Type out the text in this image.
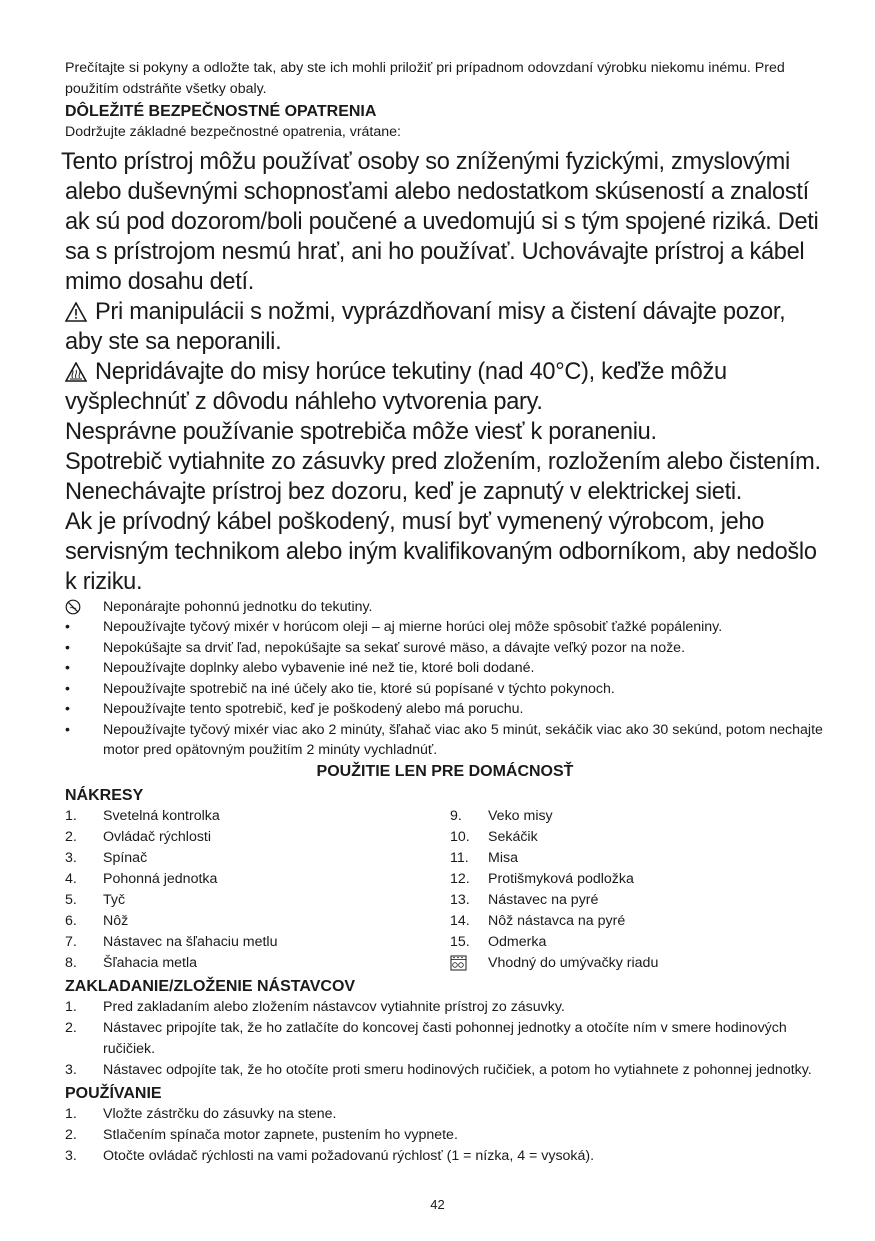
Prečítajte si pokyny a odložte tak, aby ste ich mohli priložiť pri prípadnom odovzdaní výrobku niekomu inému. Pred použitím odstráňte všetky obaly.
DÔLEŽITÉ BEZPEČNOSTNÉ OPATRENIA
Dodržujte základné bezpečnostné opatrenia, vrátane:

Tento prístroj môžu používať osoby so zníženými fyzickými, zmyslovými alebo duševnými schopnosťami alebo nedostatkom skúseností a znalostí ak sú pod dozorom/boli poučené a uvedomujú si s tým spojené riziká. Deti sa s prístrojom nesmú hrať, ani ho používať. Uchovávajte prístroj a kábel mimo dosahu detí.

Pri manipulácii s nožmi, vyprázdňovaní misy a čistení dávajte pozor, aby ste sa neporanili.

Nepridávajte do misy horúce tekutiny (nad 40°C), keďže môžu vyšplechnúť z dôvodu náhleho vytvorenia pary.

Nesprávne používanie spotrebiča môže viesť k poraneniu.

Spotrebič vytiahnite zo zásuvky pred zložením, rozložením alebo čistením.

Nenechávajte prístroj bez dozoru, keď je zapnutý v elektrickej sieti.

Ak je prívodný kábel poškodený, musí byť vymenený výrobcom, jeho servisným technikom alebo iným kvalifikovaným odborníkom, aby nedošlo k riziku.

Neponárajte pohonnú jednotku do tekutiny.
•	Nepoužívajte tyčový mixér v horúcom oleji – aj mierne horúci olej môže spôsobiť ťažké popáleniny.
•	Nepokúšajte sa drviť ľad, nepokúšajte sa sekať surové mäso, a dávajte veľký pozor na nože.
•	Nepoužívajte doplnky alebo vybavenie iné než tie, ktoré boli dodané.
•	Nepoužívajte spotrebič na iné účely ako tie, ktoré sú popísané v týchto pokynoch.
•	Nepoužívajte tento spotrebič, keď je poškodený alebo má poruchu.
•	Nepoužívajte tyčový mixér viac ako 2 minúty, šľahač viac ako 5 minút, sekáčik viac ako 30 sekúnd, potom nechajte motor pred opätovným použitím 2 minúty vychladnúť.
POUŽITIE LEN PRE DOMÁCNOSŤ
NÁKRESY
1.	Svetelná kontrolka
2.	Ovládač rýchlosti
3.	Spínač
4.	Pohonná jednotka
5.	Tyč
6.	Nôž
7.	Nástavec na šľahaciu metlu
8.	Šľahacia metla
9.	Veko misy
10.	Sekáčik
11.	Misa
12.	Protišmyková podložka
13.	Nástavec na pyré
14.	Nôž nástavca na pyré
15.	Odmerka
Vhodný do umývačky riadu
ZAKLADANIE/ZLOŽENIE NÁSTAVCOV
1.	Pred zakladaním alebo zložením nástavcov vytiahnite prístroj zo zásuvky.
2.	Nástavec pripojíte tak, že ho zatlačíte do koncovej časti pohonnej jednotky a otočíte ním v smere hodinových ručičiek.
3.	Nástavec odpojíte tak, že ho otočíte proti smeru hodinových ručičiek, a potom ho vytiahnete z pohonnej jednotky.
POUŽÍVANIE
1.	Vložte zástrčku do zásuvky na stene.
2.	Stlačením spínača motor zapnete, pustením ho vypnete.
3.	Otočte ovládač rýchlosti na vami požadovanú rýchlosť (1 = nízka, 4 = vysoká).
42
